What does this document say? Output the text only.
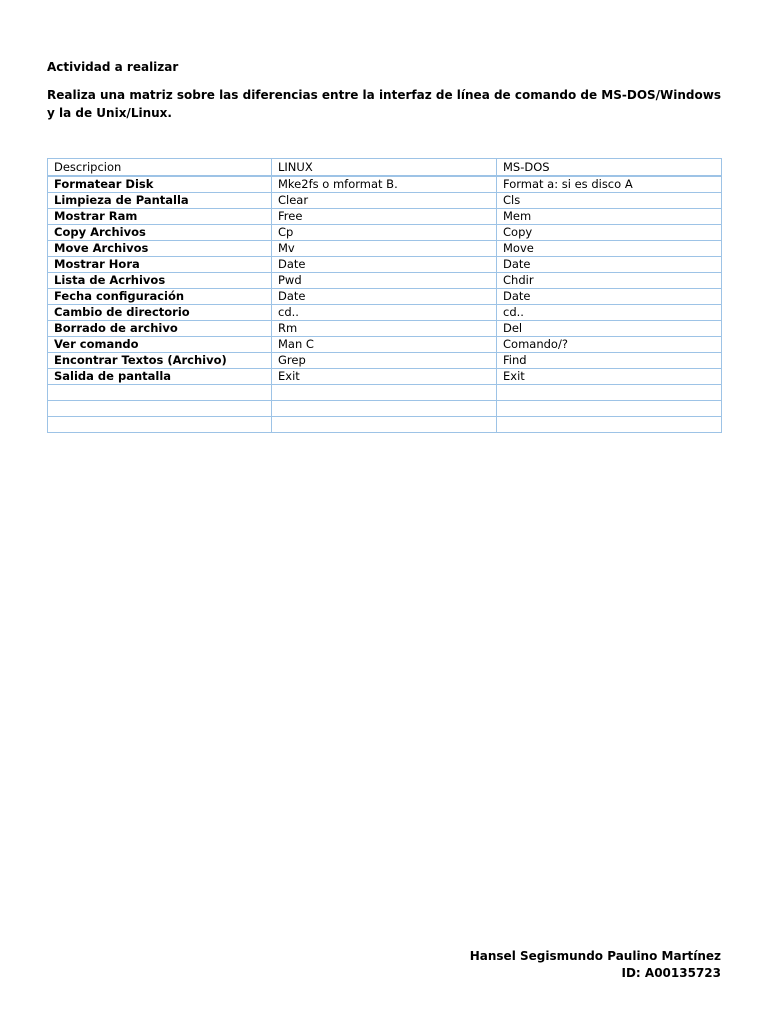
Actividad a realizar

Realiza una matriz sobre las diferencias entre la interfaz de línea de comando de MS-DOS/Windows y la de Unix/Linux.

Descripcion	LINUX	MS-DOS
Formatear Disk	Mke2fs o mformat B.	Format a: si es disco A
Limpieza de Pantalla	Clear	Cls
Mostrar Ram	Free	Mem
Copy Archivos	Cp	Copy
Move Archivos	Mv	Move
Mostrar Hora	Date	Date
Lista de Acrhivos	Pwd	Chdir
Fecha configuración	Date	Date
Cambio de directorio	cd..	cd..
Borrado de archivo	Rm	Del
Ver comando	Man C	Comando/?
Encontrar Textos (Archivo)	Grep	Find
Salida de pantalla	Exit	Exit

Hansel Segismundo Paulino Martínez
ID: A00135723
